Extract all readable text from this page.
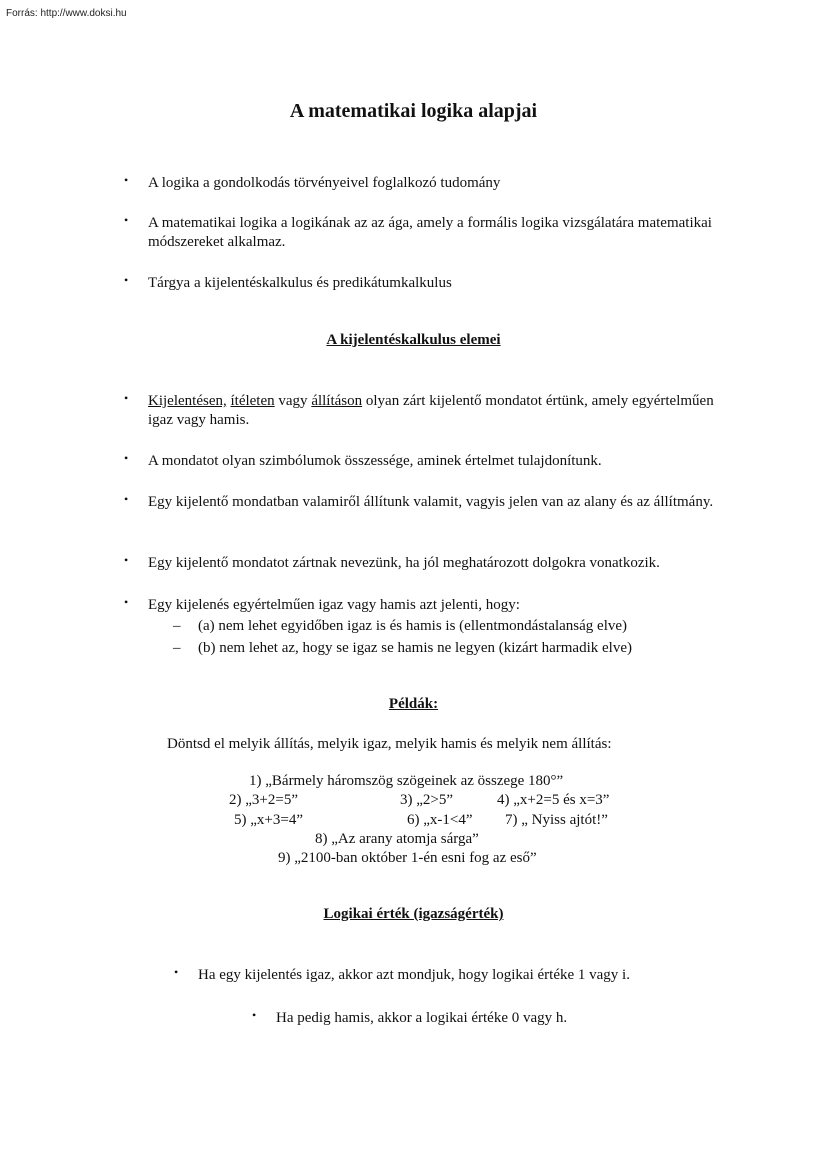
Forrás: http://www.doksi.hu
A matematikai logika alapjai
• A logika a gondolkodás törvényeivel foglalkozó tudomány
• A matematikai logika a logikának az az ága, amely a formális logika vizsgálatára matematikai módszereket alkalmaz.
• Tárgya a kijelentéskalkulus és predikátumkalkulus
A kijelentéskalkulus elemei
• Kijelentésen, ítéleten vagy állításon olyan zárt kijelentő mondatot értünk, amely egyértelműen igaz vagy hamis.
• A mondatot olyan szimbólumok összessége, aminek értelmet tulajdonítunk.
• Egy kijelentő mondatban valamiről állítunk valamit, vagyis jelen van az alany és az állítmány.
• Egy kijelentő mondatot zártnak nevezünk, ha jól meghatározott dolgokra vonatkozik.
• Egy kijelenés egyértelműen igaz vagy hamis azt jelenti, hogy:
– (a) nem lehet egyidőben igaz is és hamis is (ellentmondástalanság elve)
– (b) nem lehet az, hogy se igaz se hamis ne legyen (kizárt harmadik elve)
Példák:
Döntsd el melyik állítás, melyik igaz, melyik hamis és melyik nem állítás:
1) „Bármely háromszög szögeinek az összege 180°”
2) „3+2=5”	3) „2>5”	4) „x+2=5 és x=3”
5) „x+3=4”	6) „x-1<4” 7) „ Nyiss ajtót!”
8) „Az arany atomja sárga”
9) „2100-ban október 1-én esni fog az eső”
Logikai érték (igazságérték)
• Ha egy kijelentés igaz, akkor azt mondjuk, hogy logikai értéke 1 vagy i.
• Ha pedig hamis, akkor a logikai értéke 0 vagy h.
